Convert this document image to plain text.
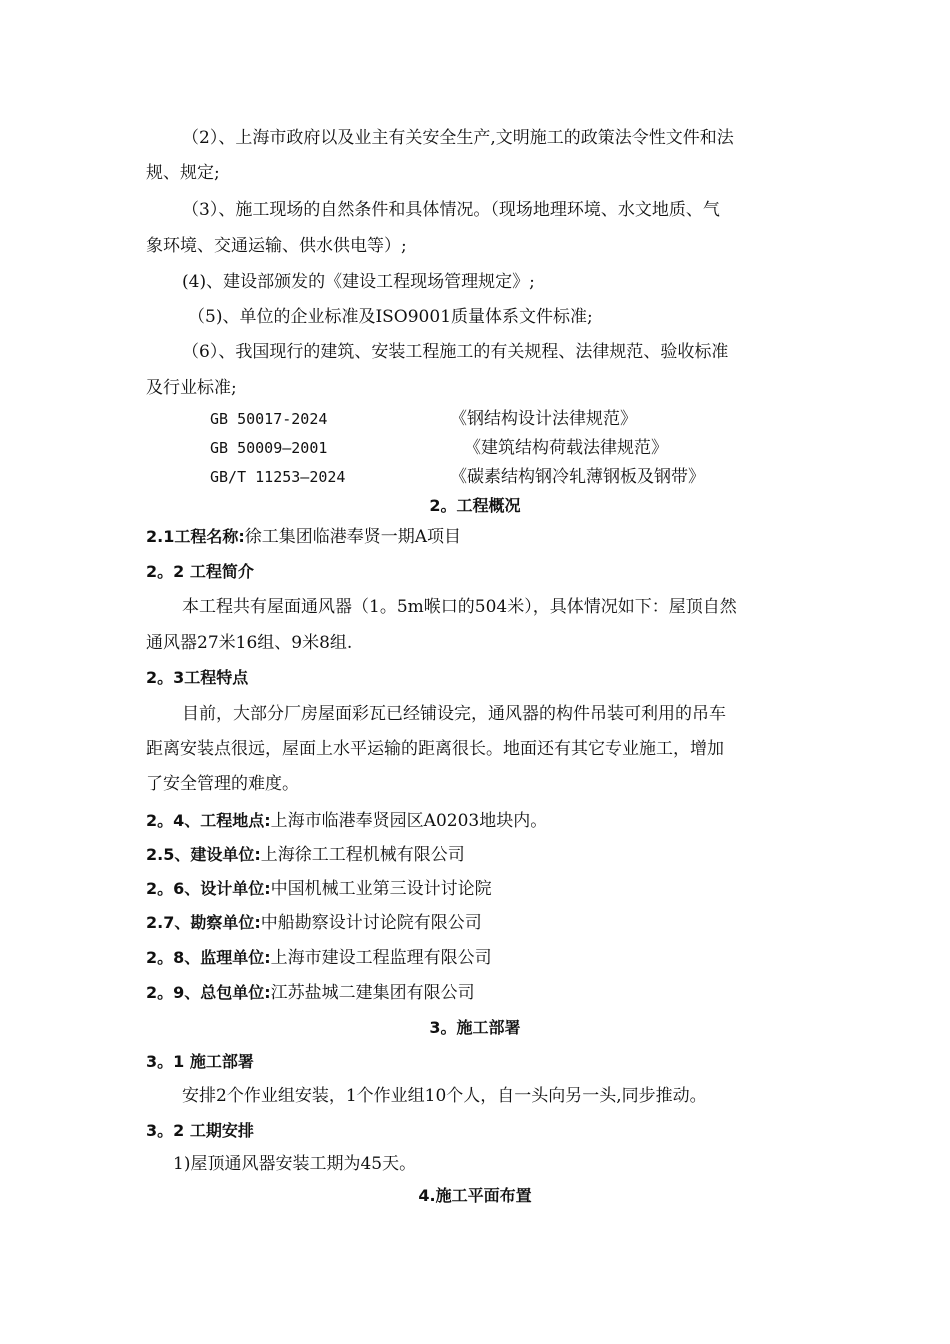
（2）、上海市政府以及业主有关安全生产,文明施工的政策法令性文件和法
规、规定;
（3）、施工现场的自然条件和具体情况。（现场地理环境、水文地质、气
象环境、交通运输、供水供电等）;
(4)、建设部颁发的《建设工程现场管理规定》;
（5)、单位的企业标准及ISO9001质量体系文件标准;
（6）、我国现行的建筑、安装工程施工的有关规程、法律规范、验收标准
及行业标准;
GB 50017-2024	《钢结构设计法律规范》
GB 50009—2001	《建筑结构荷载法律规范》
GB/T 11253—2024	《碳素结构钢冷轧薄钢板及钢带》
2。工程概况
2.1工程名称:徐工集团临港奉贤一期A项目
2。2 工程简介
本工程共有屋面通风器（1。5m喉口的504米），具体情况如下：屋顶自然
通风器27米16组、9米8组.
2。3工程特点
目前，大部分厂房屋面彩瓦已经铺设完，通风器的构件吊装可利用的吊车
距离安装点很远，屋面上水平运输的距离很长。地面还有其它专业施工，增加
了安全管理的难度。
2。4、工程地点:上海市临港奉贤园区A0203地块内。
2.5、建设单位:上海徐工工程机械有限公司
2。6、设计单位:中国机械工业第三设计讨论院
2.7、勘察单位:中船勘察设计讨论院有限公司
2。8、监理单位:上海市建设工程监理有限公司
2。9、总包单位:江苏盐城二建集团有限公司
3。施工部署
3。1 施工部署
安排2个作业组安装，1个作业组10个人，自一头向另一头,同步推动。
3。2 工期安排
1)屋顶通风器安装工期为45天。
4.施工平面布置
